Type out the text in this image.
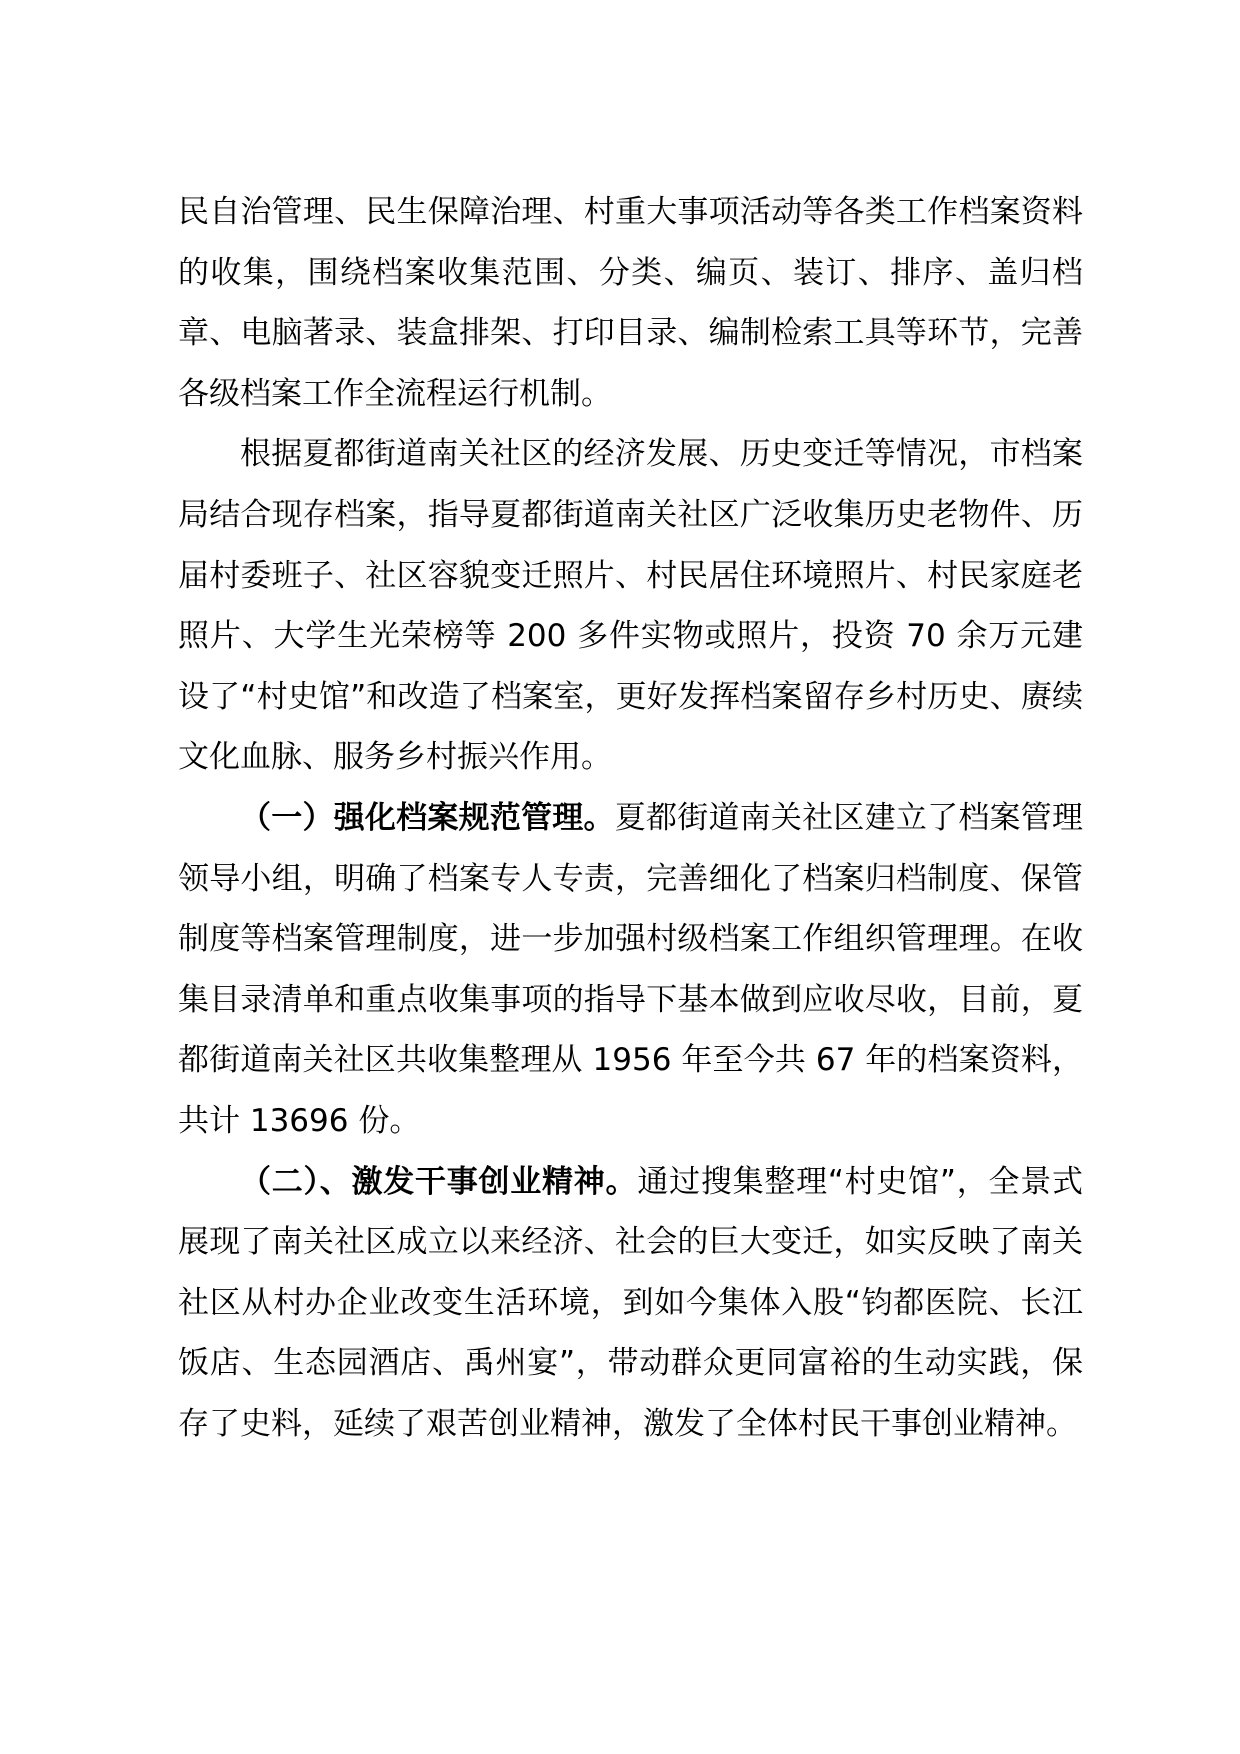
民自治管理、民生保障治理、村重大事项活动等各类工作档案资料的收集，围绕档案收集范围、分类、编页、装订、排序、盖归档章、电脑著录、装盒排架、打印目录、编制检索工具等环节，完善各级档案工作全流程运行机制。

根据夏都街道南关社区的经济发展、历史变迁等情况，市档案局结合现存档案，指导夏都街道南关社区广泛收集历史老物件、历届村委班子、社区容貌变迁照片、村民居住环境照片、村民家庭老照片、大学生光荣榜等 200 多件实物或照片，投资 70 余万元建设了“村史馆”和改造了档案室，更好发挥档案留存乡村历史、赓续文化血脉、服务乡村振兴作用。

（一）强化档案规范管理。夏都街道南关社区建立了档案管理领导小组，明确了档案专人专责，完善细化了档案归档制度、保管制度等档案管理制度，进一步加强村级档案工作组织管理理。在收集目录清单和重点收集事项的指导下基本做到应收尽收，目前，夏都街道南关社区共收集整理从 1956 年至今共 67 年的档案资料，共计 13696 份。

（二）、激发干事创业精神。通过搜集整理“村史馆”，全景式展现了南关社区成立以来经济、社会的巨大变迁，如实反映了南关社区从村办企业改变生活环境，到如今集体入股“钧都医院、长江饭店、生态园酒店、禹州宴”，带动群众更同富裕的生动实践，保存了史料，延续了艰苦创业精神，激发了全体村民干事创业精神。
